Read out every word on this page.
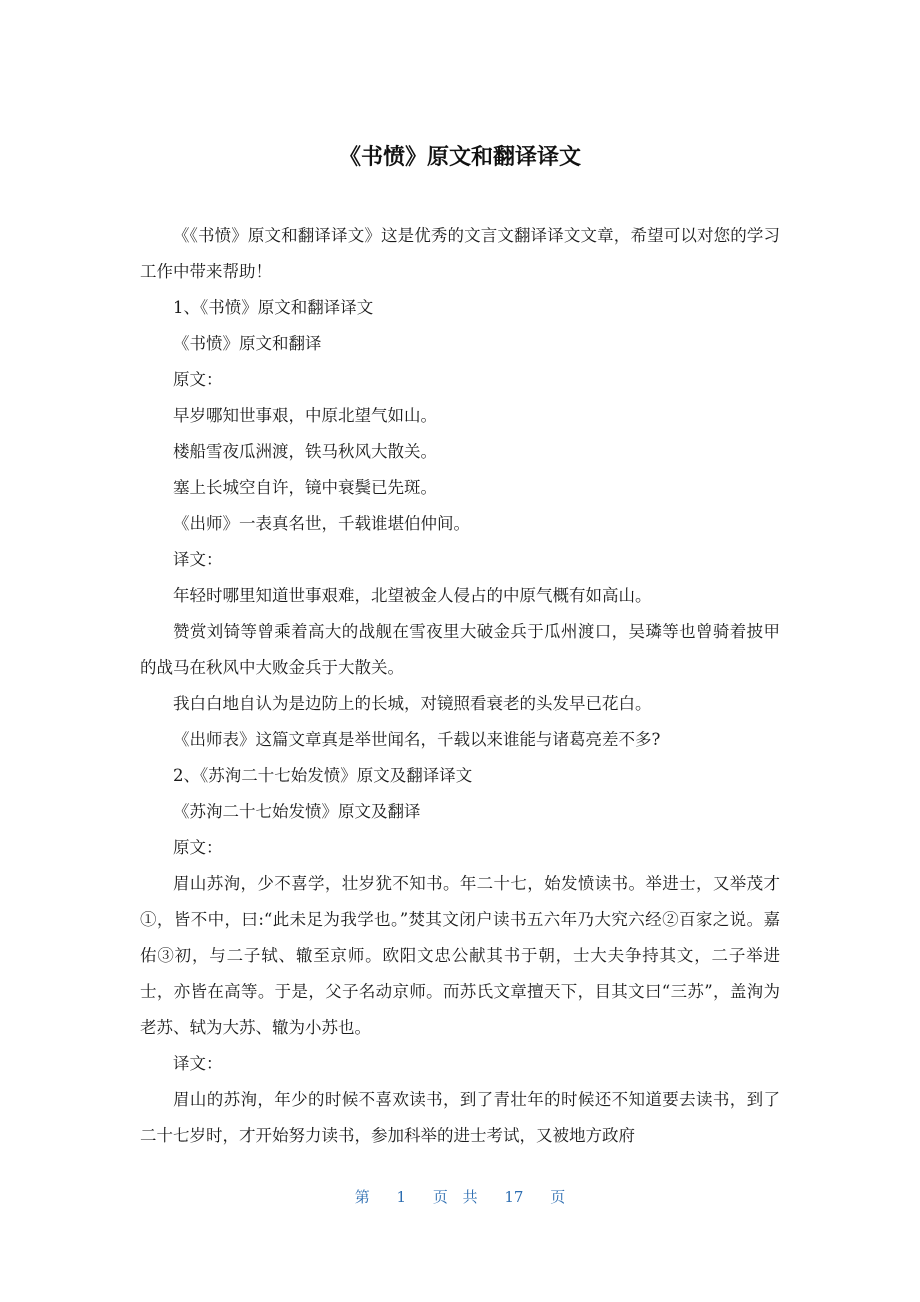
《书愤》原文和翻译译文

《《书愤》原文和翻译译文》这是优秀的文言文翻译译文文章，希望可以对您的学习工作中带来帮助！

1、《书愤》原文和翻译译文

《书愤》原文和翻译

原文：

早岁哪知世事艰，中原北望气如山。

楼船雪夜瓜洲渡，铁马秋风大散关。

塞上长城空自许，镜中衰鬓已先斑。

《出师》一表真名世，千载谁堪伯仲间。

译文：

年轻时哪里知道世事艰难，北望被金人侵占的中原气概有如高山。

赞赏刘锜等曾乘着高大的战舰在雪夜里大破金兵于瓜州渡口，吴璘等也曾骑着披甲的战马在秋风中大败金兵于大散关。

我白白地自认为是边防上的长城，对镜照看衰老的头发早已花白。

《出师表》这篇文章真是举世闻名，千载以来谁能与诸葛亮差不多?

2、《苏洵二十七始发愤》原文及翻译译文

《苏洵二十七始发愤》原文及翻译

原文：

眉山苏洵，少不喜学，壮岁犹不知书。年二十七，始发愤读书。举进士，又举茂才①，皆不中，曰:“此未足为我学也。”焚其文闭户读书五六年乃大究六经②百家之说。嘉佑③初，与二子轼、辙至京师。欧阳文忠公献其书于朝，士大夫争持其文，二子举进士，亦皆在高等。于是，父子名动京师。而苏氏文章擅天下，目其文曰“三苏”，盖洵为老苏、轼为大苏、辙为小苏也。

译文：

眉山的苏洵，年少的时候不喜欢读书，到了青壮年的时候还不知道要去读书，到了二十七岁时，才开始努力读书，参加科举的进士考试，又被地方政府

第 1 页 共 17 页
